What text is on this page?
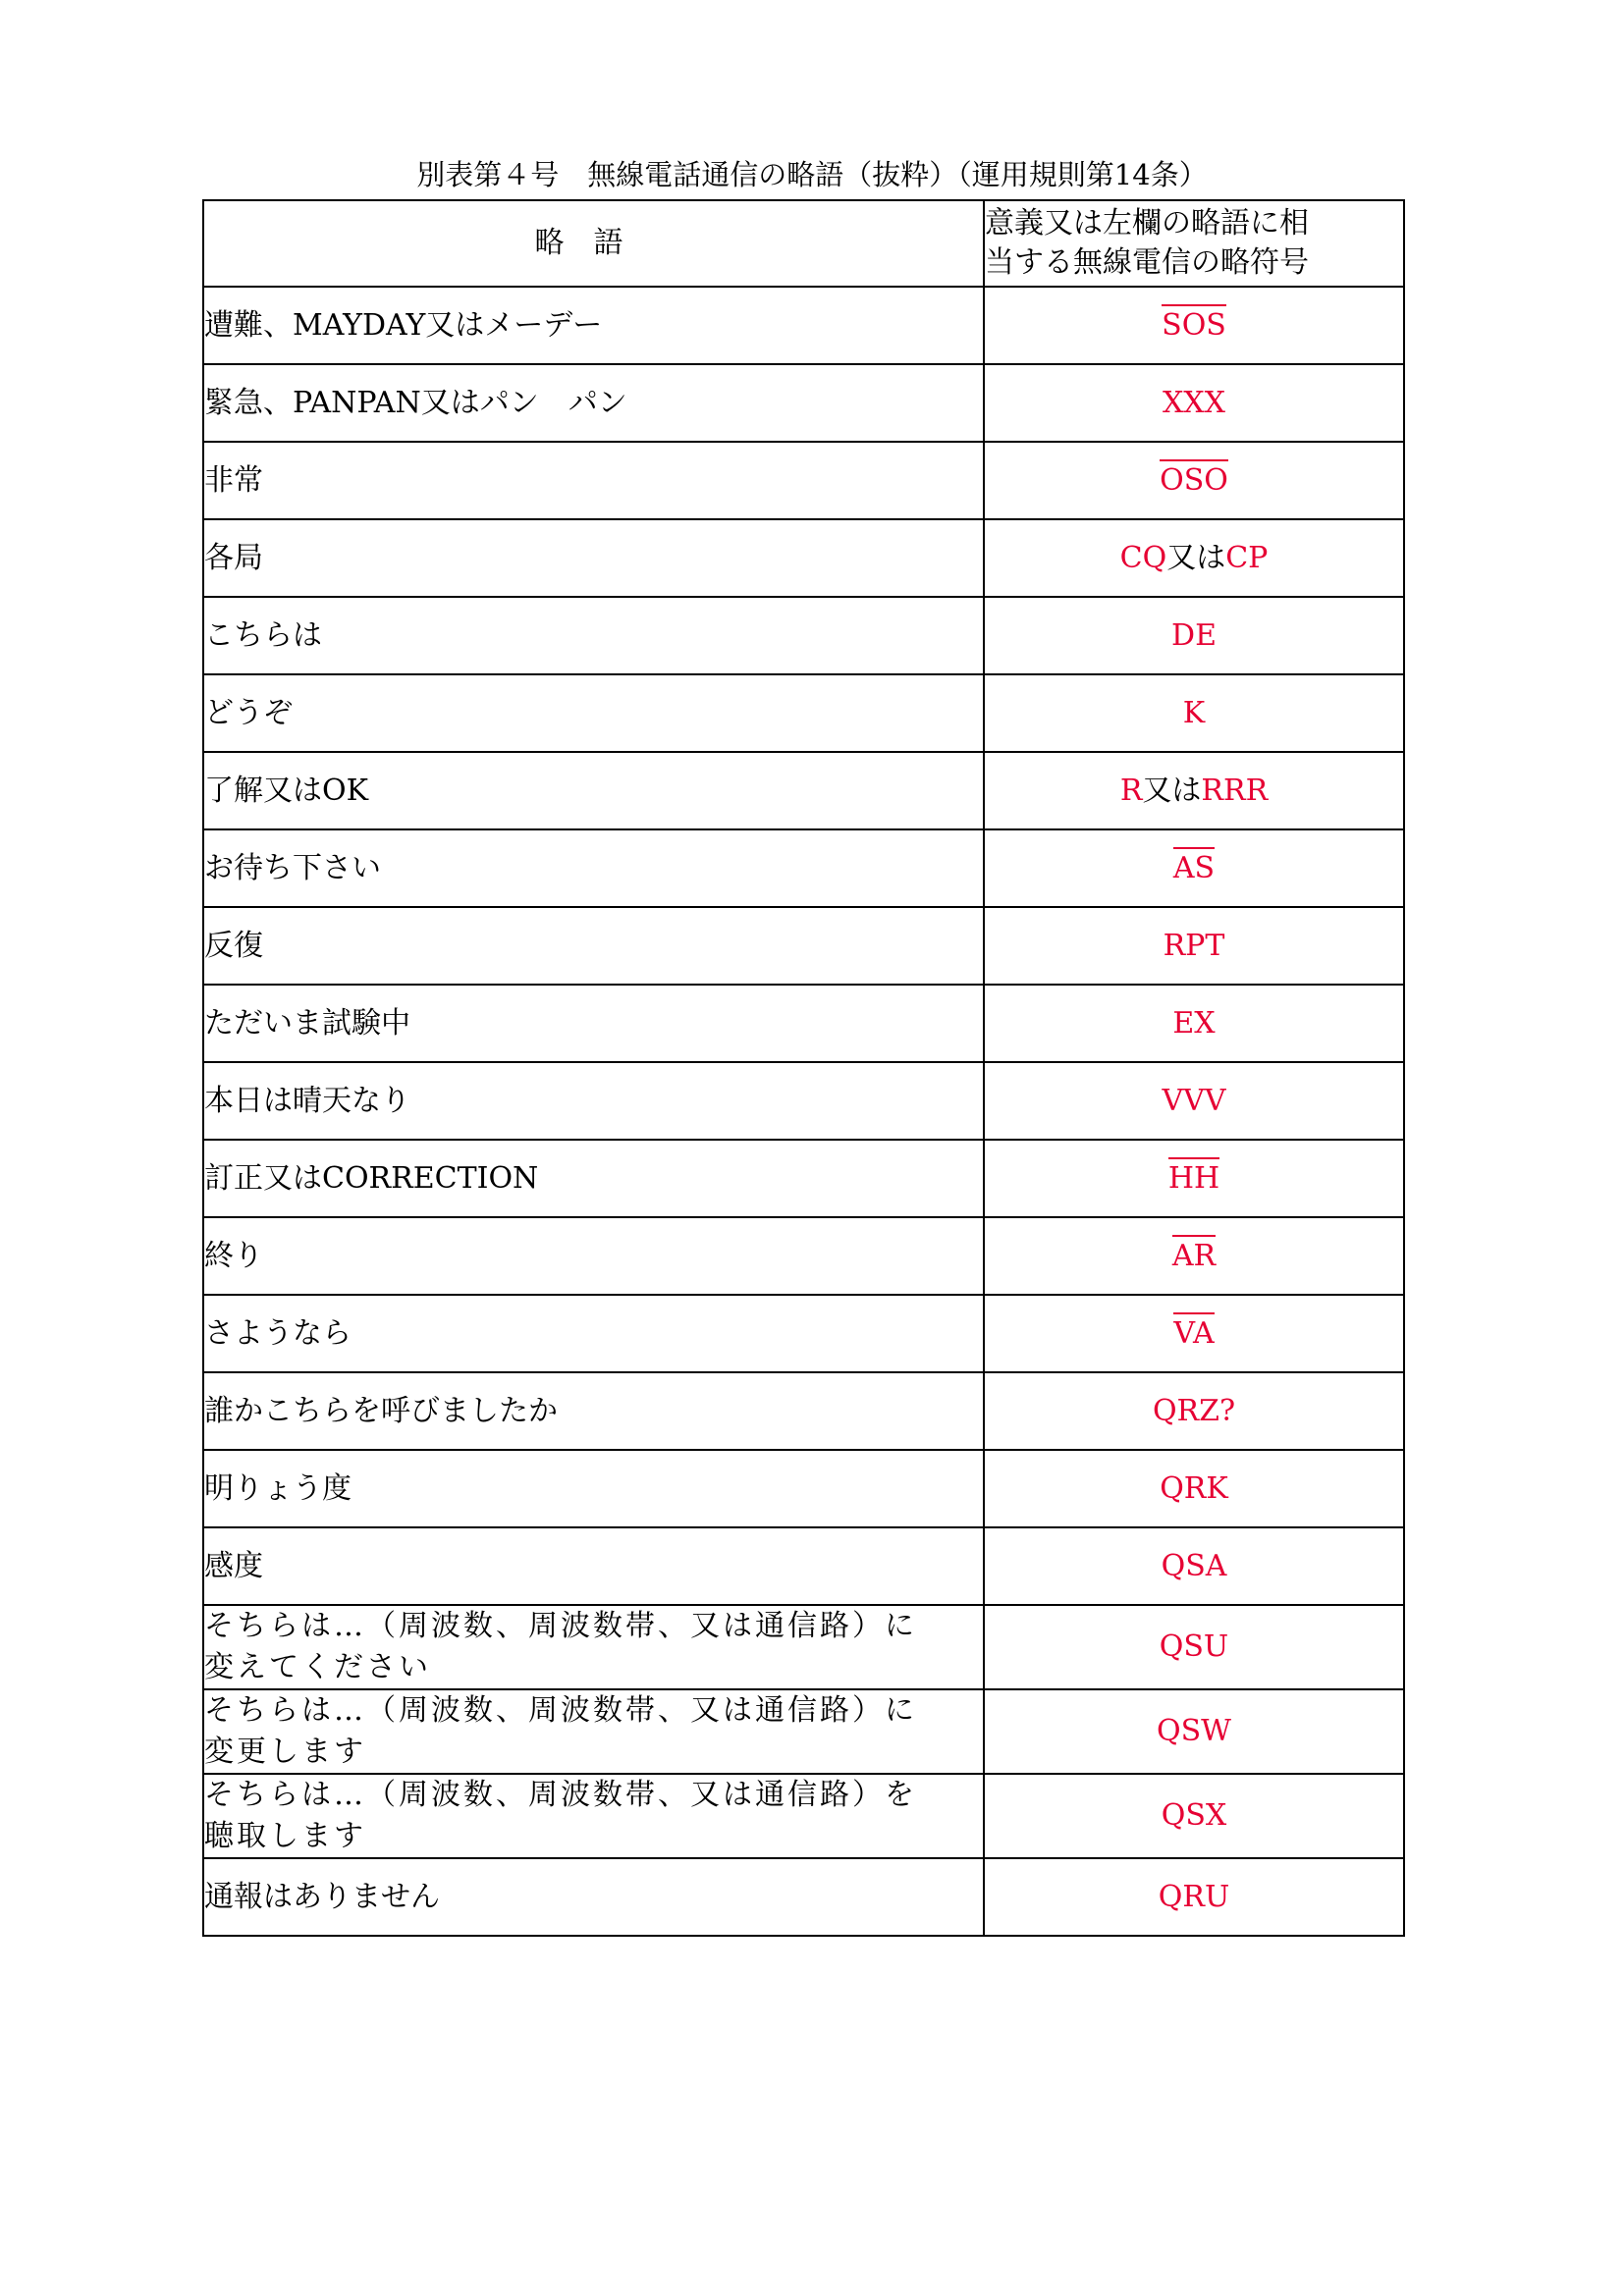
別表第４号　無線電話通信の略語（抜粋）（運用規則第14条）
略語	意義又は左欄の略語に相
当する無線電信の略符号
遭難、MAYDAY又はメーデー	SOS
緊急、PANPAN又はパン　パン	XXX
非常	OSO
各局	CQ又はCP
こちらは	DE
どうぞ	K
了解又はOK	R又はRRR
お待ち下さい	AS
反復	RPT
ただいま試験中	EX
本日は晴天なり	VVV
訂正又はCORRECTION	HH
終り	AR
さようなら	VA
誰かこちらを呼びましたか	QRZ?
明りょう度	QRK
感度	QSA
そちらは…（周波数、周波数帯、又は通信路）に
変えてください	QSU
そちらは…（周波数、周波数帯、又は通信路）に
変更します	QSW
そちらは…（周波数、周波数帯、又は通信路）を
聴取します	QSX
通報はありません	QRU
